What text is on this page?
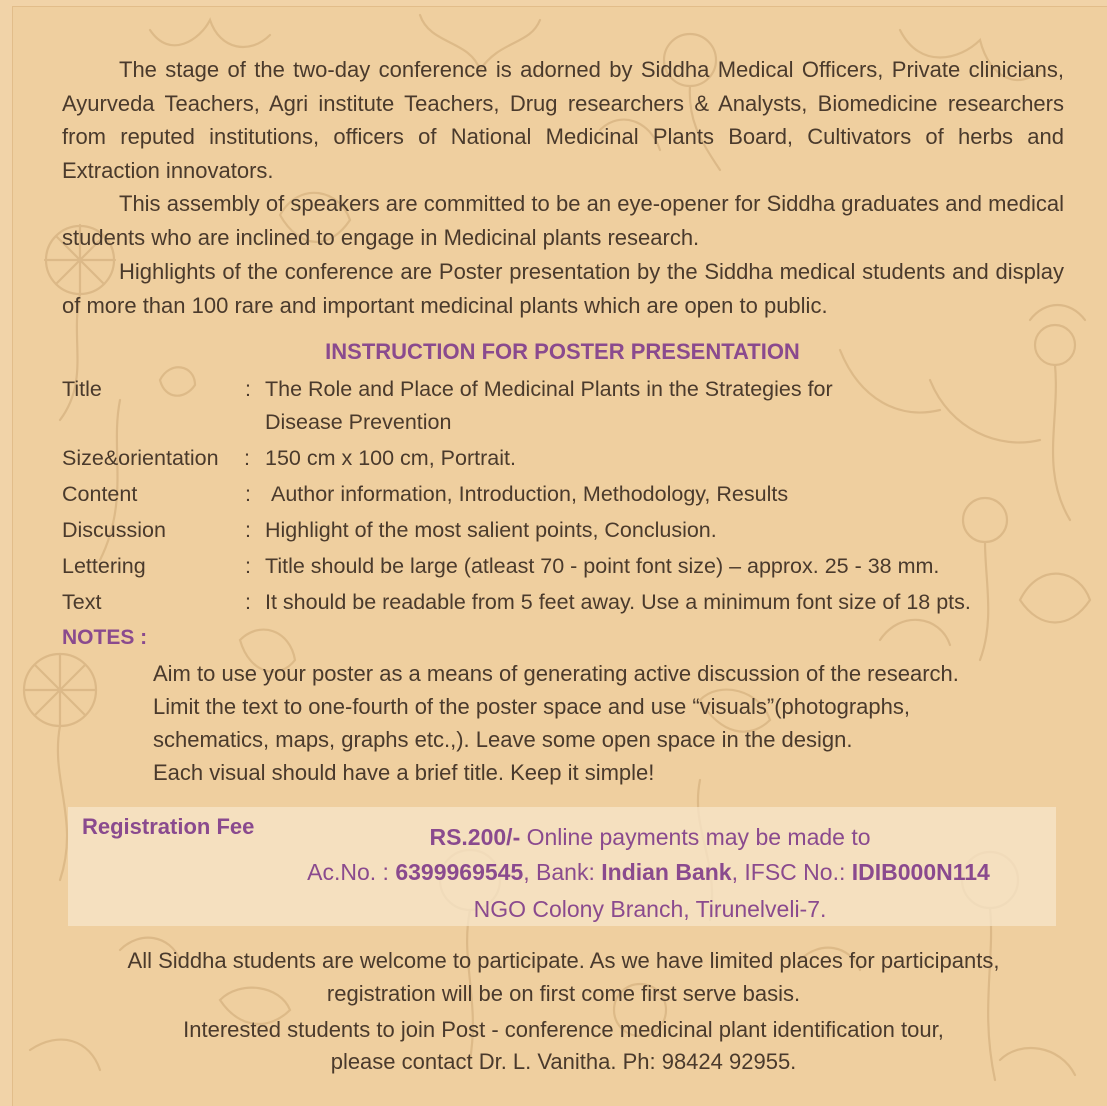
The stage of the two-day conference is adorned by Siddha Medical Officers, Private clinicians, Ayurveda Teachers, Agri institute Teachers, Drug researchers & Analysts, Biomedicine researchers from reputed institutions, officers of National Medicinal Plants Board, Cultivators of herbs and Extraction innovators.
This assembly of speakers are committed to be an eye-opener for Siddha graduates and medical students who are inclined to engage in Medicinal plants research.
Highlights of the conference are Poster presentation by the Siddha medical students and display of more than 100 rare and important medicinal plants which are open to public.
INSTRUCTION FOR POSTER PRESENTATION
Title	: The Role and Place of Medicinal Plants in the Strategies for
Disease Prevention
Size&orientation : 150 cm x 100 cm, Portrait.
Content	: Author information, Introduction, Methodology, Results
Discussion	: Highlight of the most salient points, Conclusion.
Lettering	: Title should be large (atleast 70 - point font size) – approx. 25 - 38 mm.
Text	: It should be readable from 5 feet away. Use a minimum font size of 18 pts.
NOTES :
Aim to use your poster as a means of generating active discussion of the research.
Limit the text to one-fourth of the poster space and use “visuals”(photographs,
schematics, maps, graphs etc.,). Leave some open space in the design.
Each visual should have a brief title. Keep it simple!
Registration Fee	RS.200/- Online payments may be made to
Ac.No. : 6399969545, Bank: Indian Bank, IFSC No.: IDIB000N114
NGO Colony Branch, Tirunelveli-7.
All Siddha students are welcome to participate. As we have limited places for participants,
registration will be on first come first serve basis.
Interested students to join Post - conference medicinal plant identification tour,
please contact Dr. L. Vanitha. Ph: 98424 92955.
